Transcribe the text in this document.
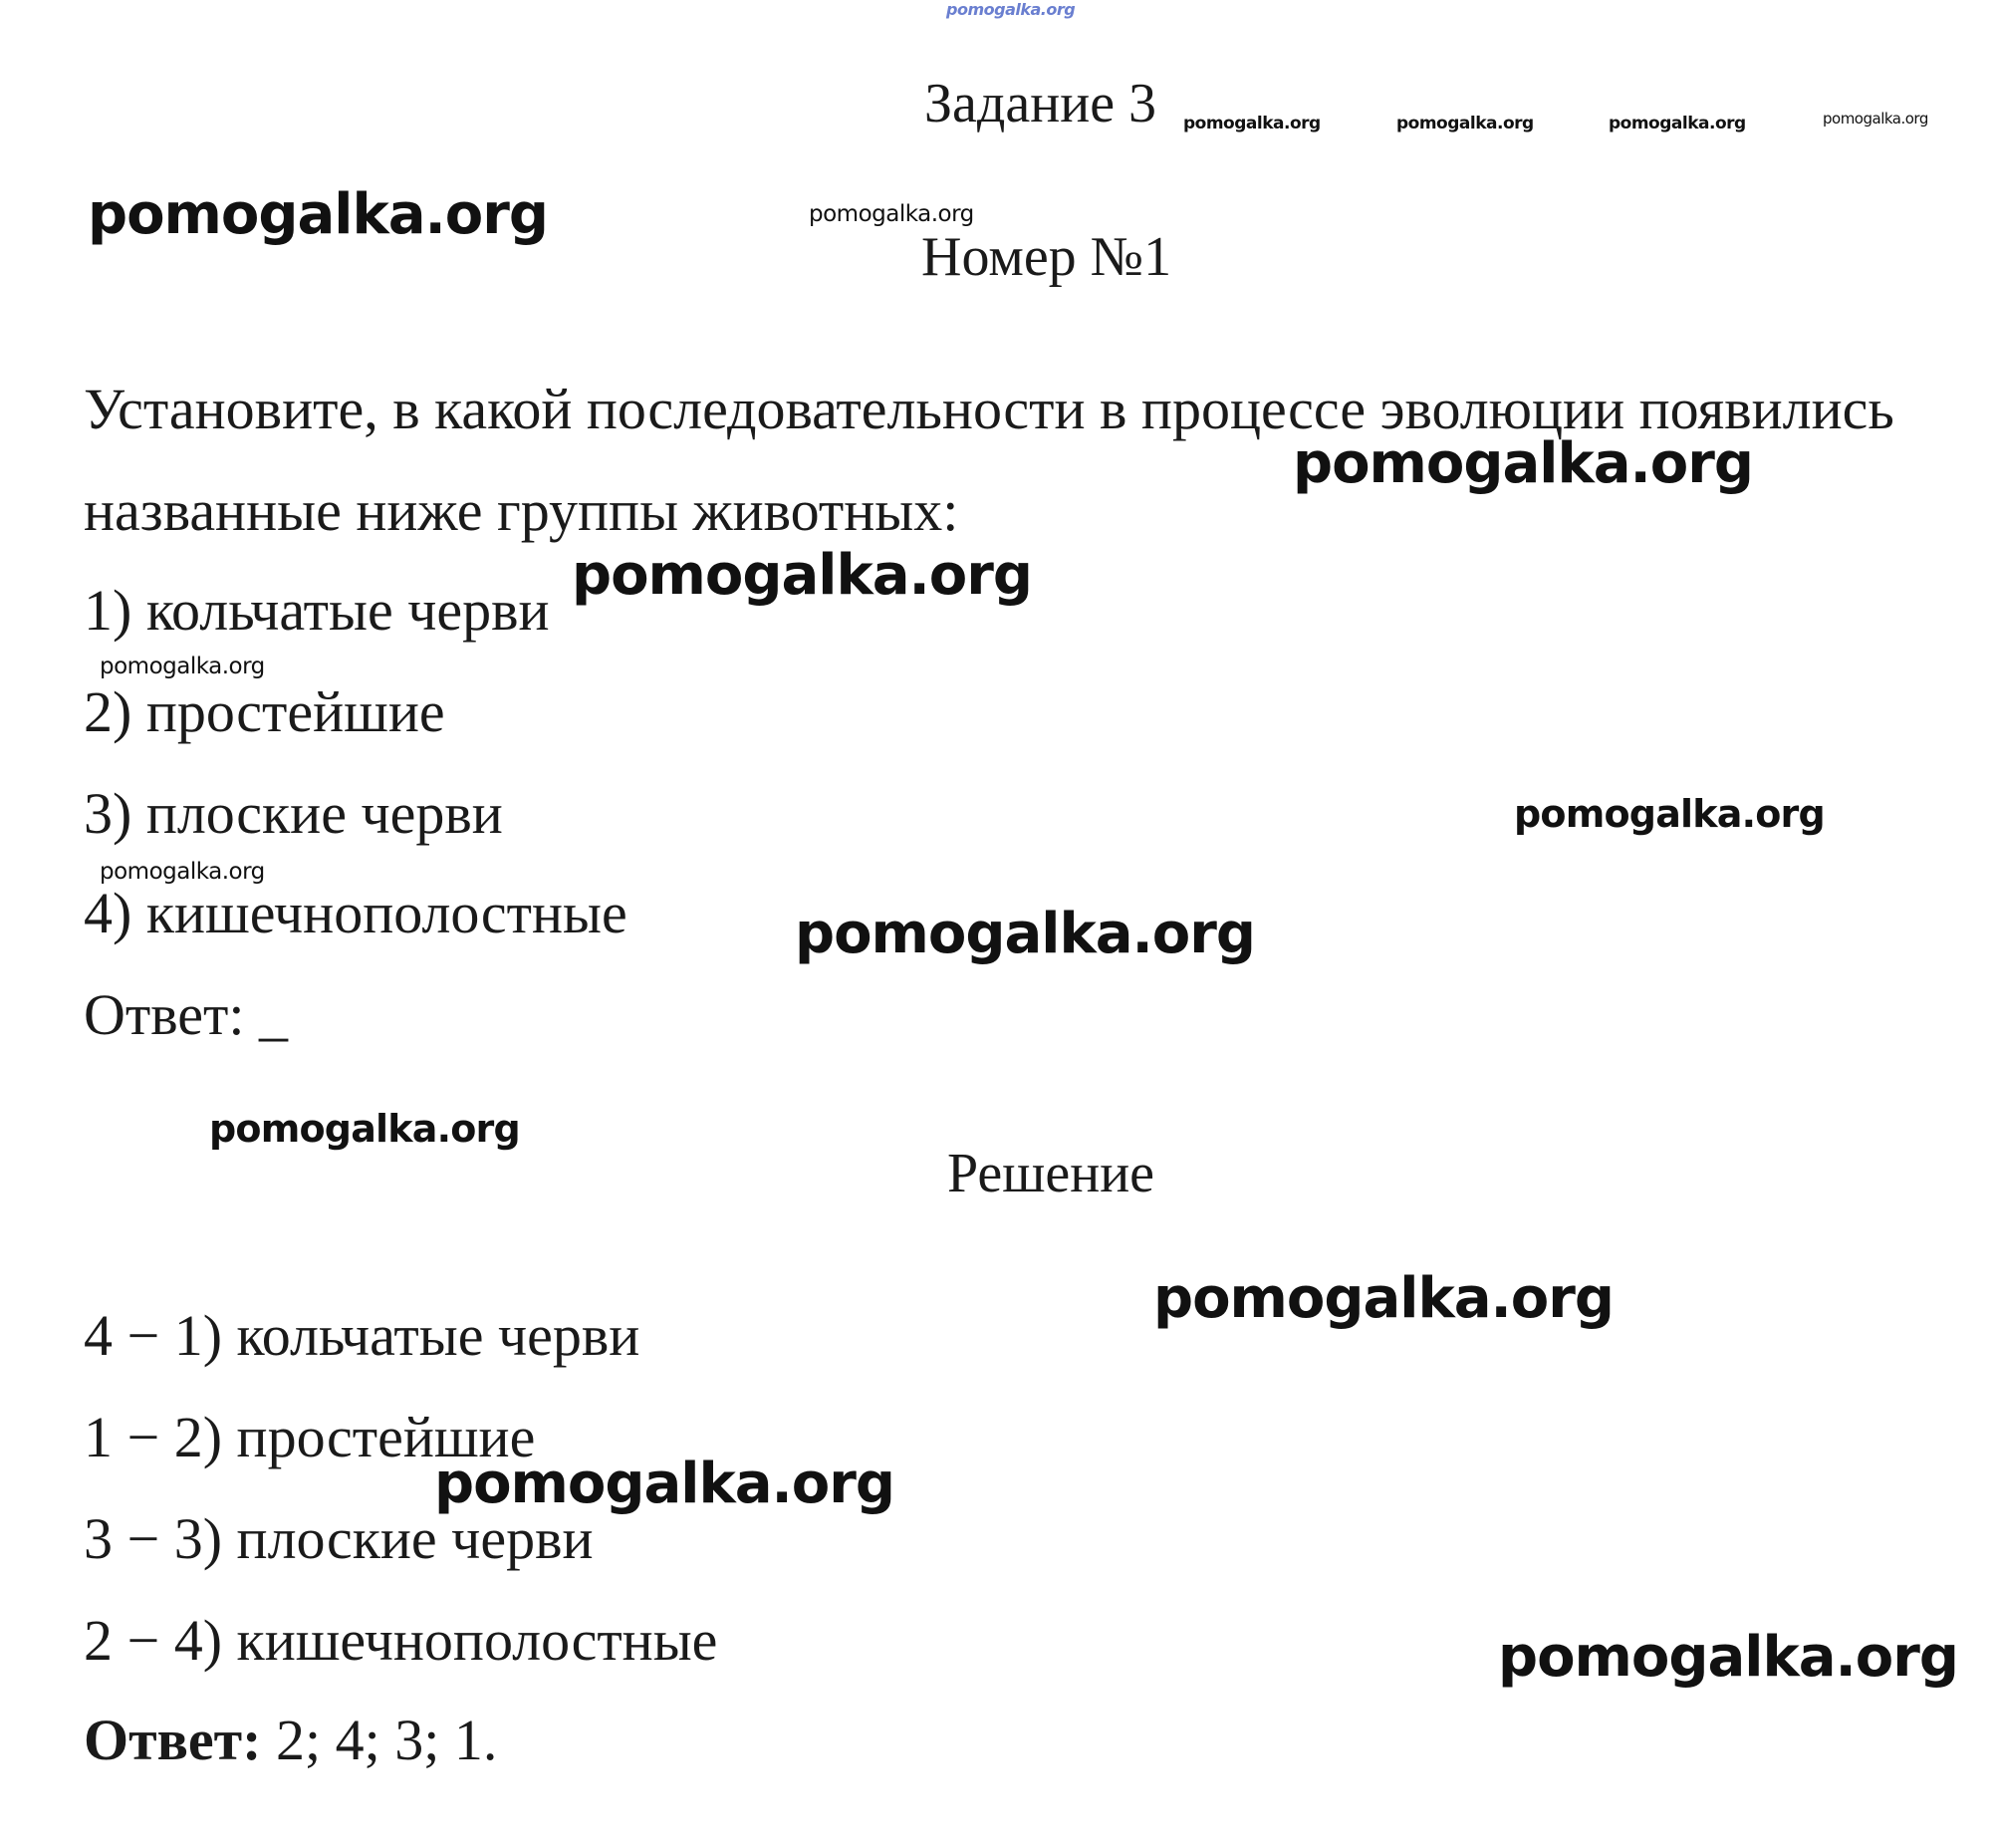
pomogalka.org
Задание 3 pomogalka.org	pomogalka.org	pomogalka.org	pomogalka.org
pomogalka.org	pomogalka.org
Номер №1
Установите, в какой последовательности в процессе эволюции появились
pomogalka.org
названные ниже группы животных:
1) кольчатые черви
pomogalka.org
pomogalka.org
2) простейшие
3) плоские черви	pomogalka.org
pomogalka.org
4) кишечнополостные	pomogalka.org
Ответ: _
pomogalka.org
Решение
pomogalka.org
4 − 1) кольчатые черви
1 − 2) простейшие
pomogalka.org
3 − 3) плоские черви
2 − 4) кишечнополостные	pomogalka.org
Ответ: 2; 4; 3; 1.
